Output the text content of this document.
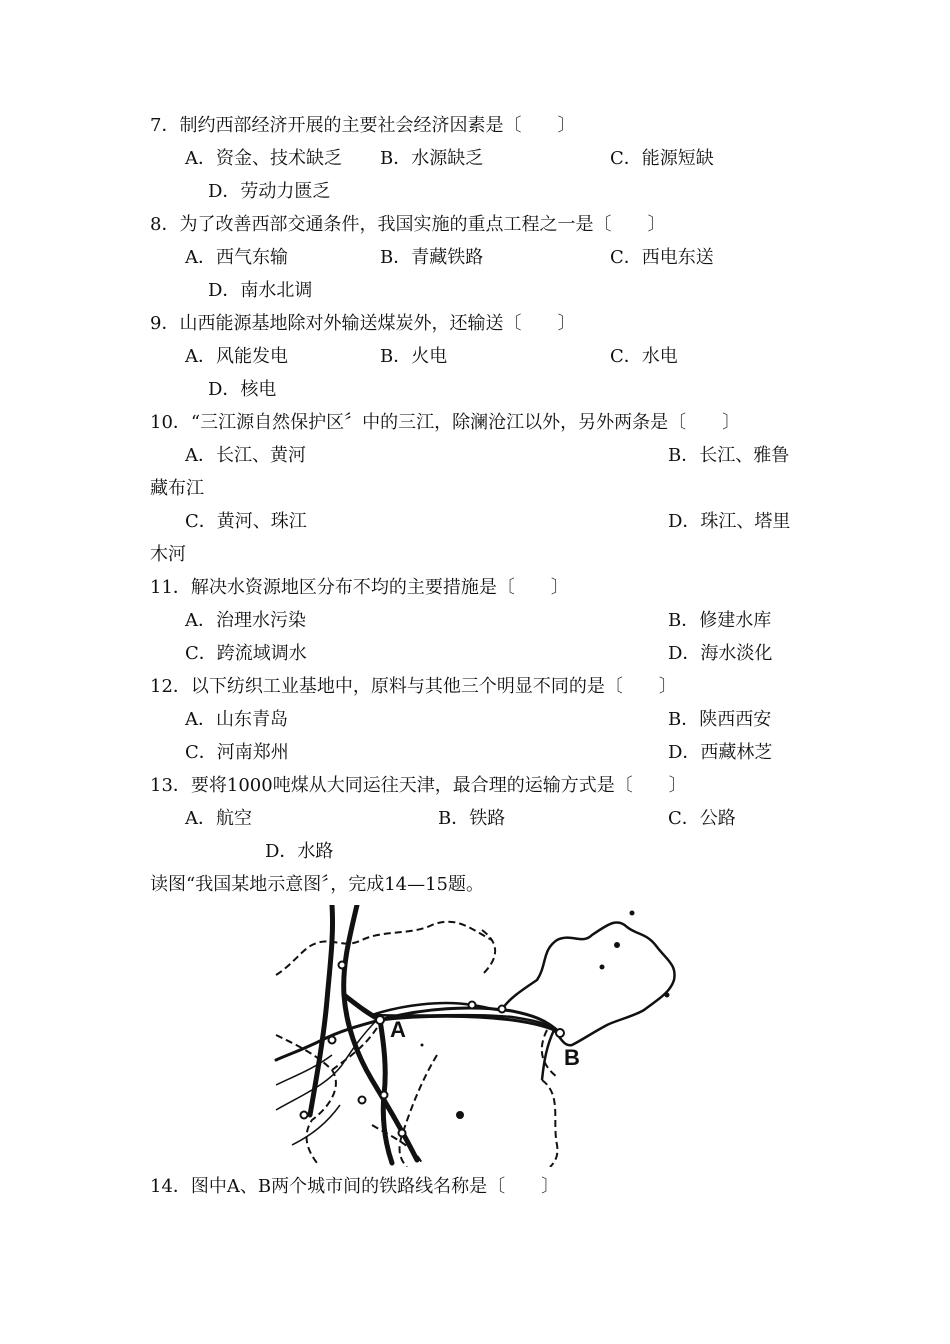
7．制约西部经济开展的主要社会经济因素是〔　　〕
A．资金、技术缺乏 B．水源缺乏	C．能源短缺
D．劳动力匮乏
8．为了改善西部交通条件，我国实施的重点工程之一是〔　　〕
A．西气东输	B．青藏铁路	C．西电东送
D．南水北调
9．山西能源基地除对外输送煤炭外，还输送〔　　〕
A．风能发电	B．火电	C．水电
D．核电
10．“三江源自然保护区〞中的三江，除澜沧江以外，另外两条是〔　　〕
A．长江、黄河	B．长江、雅鲁
藏布江
C．黄河、珠江	D．珠江、塔里
木河
11．解决水资源地区分布不均的主要措施是〔　　〕
A．治理水污染	B．修建水库
C．跨流域调水	D．海水淡化
12．以下纺织工业基地中，原料与其他三个明显不同的是〔　　〕
A．山东青岛	B．陕西西安
C．河南郑州	D．西藏林芝
13．要将1000吨煤从大同运往天津，最合理的运输方式是〔　　〕
A．航空	B．铁路	C．公路
D．水路
读图“我国某地示意图〞，完成14—15题。
A
B
14．图中A、B两个城市间的铁路线名称是〔　　〕
